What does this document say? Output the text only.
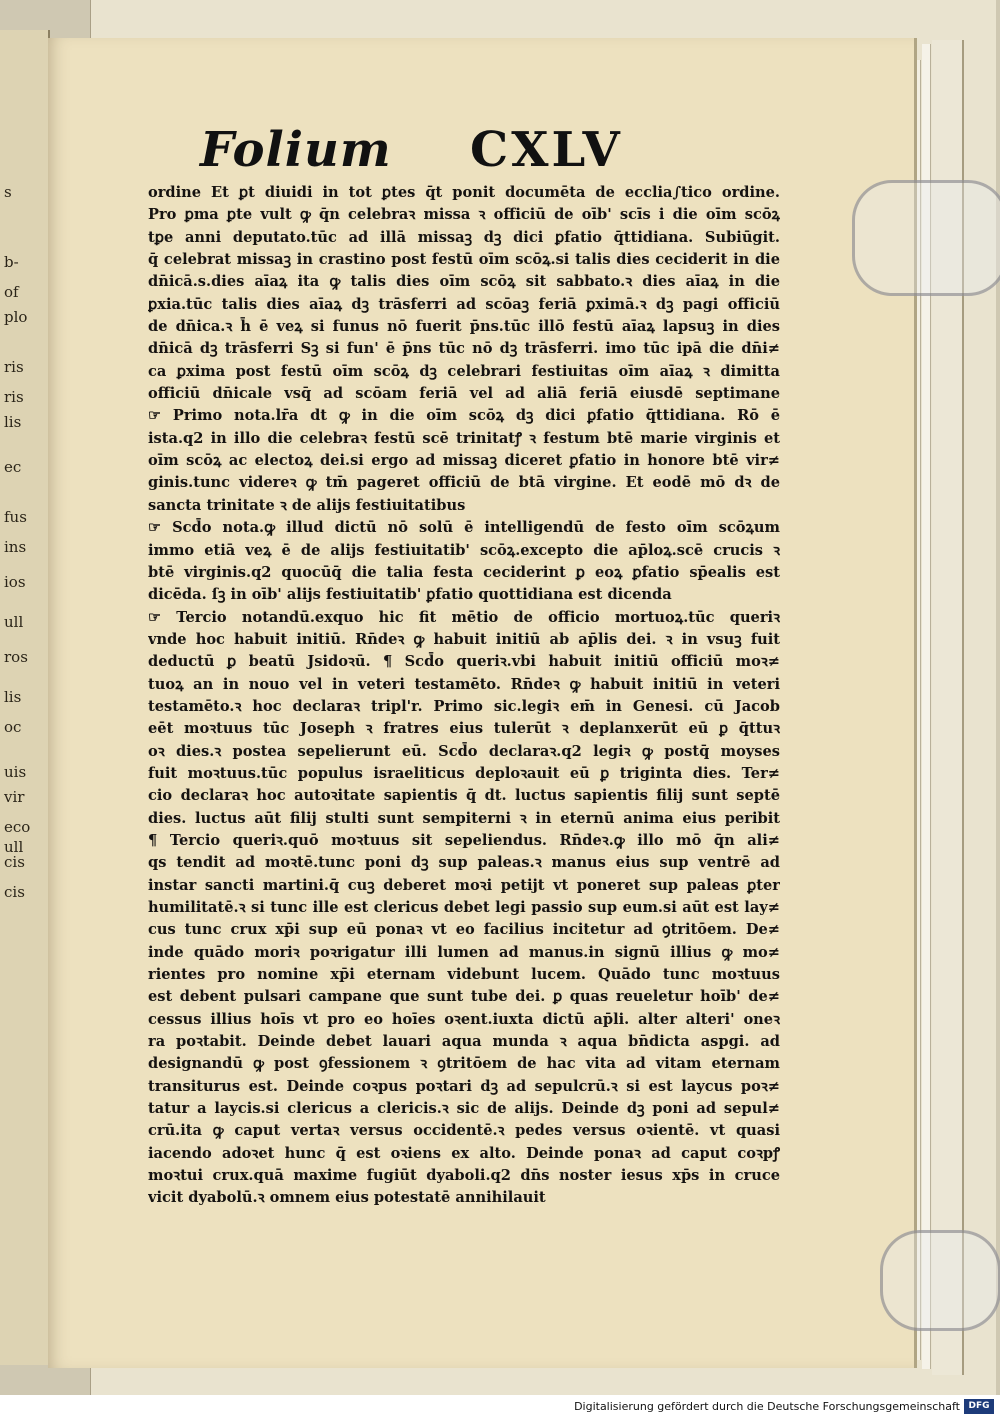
s
b-
of
plo
ris
ris
lis
ec
fus
ins
ios
ull
ros
lis
oc
uis
vir
eco
ull
cis
cis
Folium CXLV
ordine Et ꝑt diuidi in tot ꝑtes q̄t ponit documēta de ecclia∫tico ordine.
Pro ꝑma ꝑte vult ꝙ q̄n celebraꝛ missa ꝛ officiū de oīb' scīs i die oīm scōꝝ
tꝑe anni deputato.tūc ad illā missaꝫ dꝫ dici ꝑfatio q̄ttidiana. Subiūgit.
q̄ celebrat missaꝫ in crastino post festū oīm scōꝝ.si talis dies ceciderit in die
dn̄icā.s.dies aīaꝝ ita ꝙ talis dies oīm scōꝝ sit sabbato.ꝛ dies aīaꝝ in die
ꝑxia.tūc talis dies aīaꝝ dꝫ trāsferri ad scōaꝫ feriā ꝑximā.ꝛ dꝫ pagi officiū
de dn̄ica.ꝛ h̄ ē veꝝ si funus nō fuerit p̄ns.tūc illō festū aīaꝝ lapsuꝫ in dies
dn̄icā dꝫ trāsferri Sꝫ si fun' ē p̄ns tūc nō dꝫ trāsferri. imo tūc ipā die dn̄i≠
ca ꝑxima post festū oīm scōꝝ dꝫ celebrari festiuitas oīm aīaꝝ ꝛ dimitta
officiū dn̄icale vsq̄ ad scōam feriā vel ad aliā feriā eiusdē septimane
☞ Primo nota.lr̄a dt ꝙ in die oīm scōꝝ dꝫ dici ꝑfatio q̄ttidiana. Rō ē
ista.q2 in illo die celebraꝛ festū scē trinitatꝭ ꝛ festum btē marie virginis et
oīm scōꝝ ac electoꝝ dei.si ergo ad missaꝫ diceret ꝑfatio in honore btē vir≠
ginis.tunc videreꝛ ꝙ tm̄ pageret officiū de btā virgine. Et eodē mō dꝛ de
sancta trinitate ꝛ de alijs festiuitatibus
☞ Scd̄o nota.ꝙ illud dictū nō solū ē intelligendū de festo oīm scōꝝum
immo etiā veꝝ ē de alijs festiuitatib' scōꝝ.excepto die ap̄loꝝ.scē crucis ꝛ
btē virginis.q2 quocūq̄ die talia festa ceciderint ꝑ eoꝝ ꝑfatio sp̄ealis est
dicēda. ſꝫ in oīb' alijs festiuitatib' ꝑfatio quottidiana est dicenda
☞ Tercio notandū.exquo hic fit mētio de officio mortuoꝝ.tūc queriꝛ
vnde hoc habuit initiū. Rn̄deꝛ ꝙ habuit initiū ab ap̄lis dei. ꝛ in vsuꝫ fuit
deductū ꝑ beatū Jsidoꝛū. ¶ Scd̄o queriꝛ.vbi habuit initiū officiū moꝛ≠
tuoꝝ an in nouo vel in veteri testamēto. Rn̄deꝛ ꝙ habuit initiū in veteri
testamēto.ꝛ hoc declaraꝛ tripl'r. Primo sic.legiꝛ em̄ in Genesi. cū Jacob
eēt moꝛtuus tūc Joseph ꝛ fratres eius tulerūt ꝛ deplanxerūt eū ꝑ q̄ttuꝛ
oꝛ dies.ꝛ postea sepelierunt eū. Scd̄o declaraꝛ.q2 legiꝛ ꝙ postq̄ moyses
fuit moꝛtuus.tūc populus israeliticus deploꝛauit eū ꝑ triginta dies. Ter≠
cio declaraꝛ hoc autoꝛitate sapientis q̄ dt. luctus sapientis filij sunt septē
dies. luctus aūt filij stulti sunt sempiterni ꝛ in eternū anima eius peribit
¶ Tercio queriꝛ.quō moꝛtuus sit sepeliendus. Rn̄deꝛ.ꝙ illo mō q̄n ali≠
qs tendit ad moꝛtē.tunc poni dꝫ sup paleas.ꝛ manus eius sup ventrē ad
instar sancti martini.q̄ cuꝫ deberet moꝛi petijt vt poneret sup paleas ꝑter
humilitatē.ꝛ si tunc ille est clericus debet legi passio sup eum.si aūt est lay≠
cus tunc crux xp̄i sup eū ponaꝛ vt eo facilius incitetur ad ꝯtritōem. De≠
inde quādo moriꝛ poꝛrigatur illi lumen ad manus.in signū illius ꝙ mo≠
rientes pro nomine xp̄i eternam videbunt lucem. Quādo tunc moꝛtuus
est debent pulsari campane que sunt tube dei. ꝑ quas reueletur hoīb' de≠
cessus illius hoīs vt pro eo hoīes oꝛent.iuxta dictū ap̄li. alter alteri' oneꝛ
ra poꝛtabit. Deinde debet lauari aqua munda ꝛ aqua bn̄dicta aspgi. ad
designandū ꝙ post ꝯfessionem ꝛ ꝯtritōem de hac vita ad vitam eternam
transiturus est. Deinde coꝛpus poꝛtari dꝫ ad sepulcrū.ꝛ si est laycus poꝛ≠
tatur a laycis.si clericus a clericis.ꝛ sic de alijs. Deinde dꝫ poni ad sepul≠
crū.ita ꝙ caput vertaꝛ versus occidentē.ꝛ pedes versus oꝛientē. vt quasi
iacendo adoꝛet hunc q̄ est oꝛiens ex alto. Deinde ponaꝛ ad caput coꝛpꝭ
moꝛtui crux.quā maxime fugiūt dyaboli.q2 dn̄s noster iesus xp̄s in cruce
vicit dyabolū.ꝛ omnem eius potestatē annihilauit
Digitalisierung gefördert durch die Deutsche Forschungsgemeinschaft DFG
